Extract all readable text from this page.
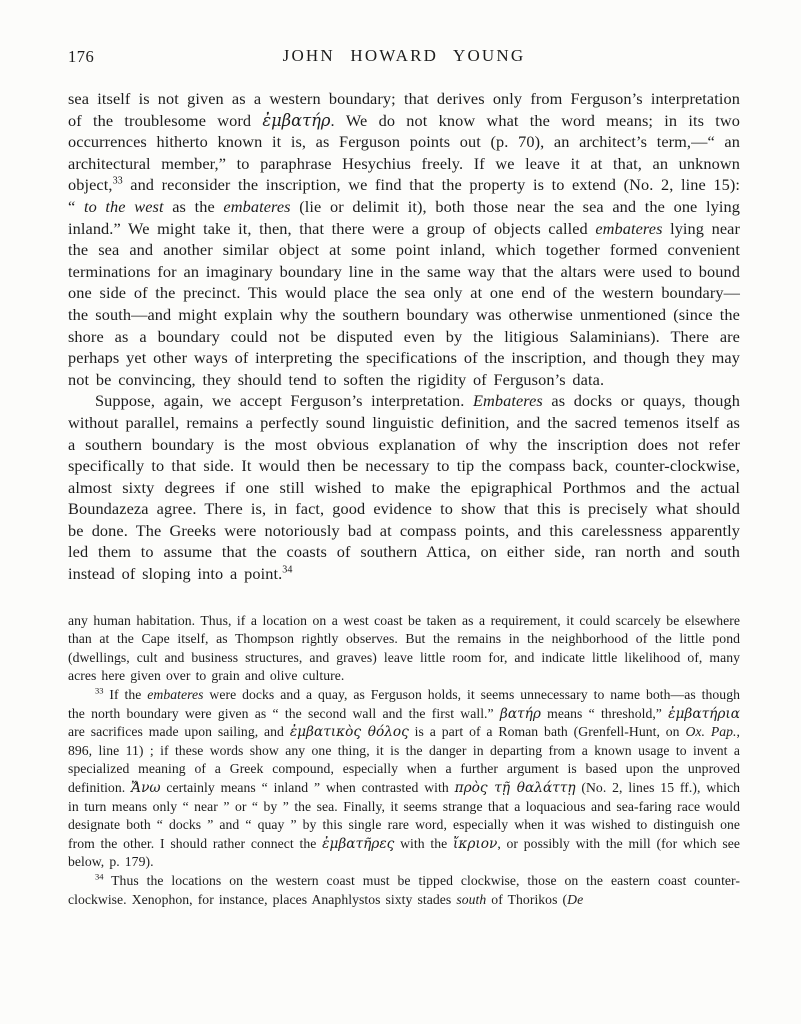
176	JOHN HOWARD YOUNG

sea itself is not given as a western boundary; that derives only from Ferguson’s interpretation of the troublesome word ἐμβατήρ. We do not know what the word means; in its two occurrences hitherto known it is, as Ferguson points out (p. 70), an architect’s term,—“ an architectural member,” to paraphrase Hesychius freely. If we leave it at that, an unknown object,$^{33}$ and reconsider the inscription, we find that the property is to extend (No. 2, line 15): “ to the west as the embateres (lie or delimit it), both those near the sea and the one lying inland.” We might take it, then, that there were a group of objects called embateres lying near the sea and another similar object at some point inland, which together formed convenient terminations for an imaginary boundary line in the same way that the altars were used to bound one side of the precinct. This would place the sea only at one end of the western boundary—the south—and might explain why the southern boundary was otherwise unmentioned (since the shore as a boundary could not be disputed even by the litigious Salaminians). There are perhaps yet other ways of interpreting the specifications of the inscription, and though they may not be convincing, they should tend to soften the rigidity of Ferguson’s data.

Suppose, again, we accept Ferguson’s interpretation. Embateres as docks or quays, though without parallel, remains a perfectly sound linguistic definition, and the sacred temenos itself as a southern boundary is the most obvious explanation of why the inscription does not refer specifically to that side. It would then be necessary to tip the compass back, counter-clockwise, almost sixty degrees if one still wished to make the epigraphical Porthmos and the actual Boundazeza agree. There is, in fact, good evidence to show that this is precisely what should be done. The Greeks were notoriously bad at compass points, and this carelessness apparently led them to assume that the coasts of southern Attica, on either side, ran north and south instead of sloping into a point.$^{34}$

any human habitation. Thus, if a location on a west coast be taken as a requirement, it could scarcely be elsewhere than at the Cape itself, as Thompson rightly observes. But the remains in the neighborhood of the little pond (dwellings, cult and business structures, and graves) leave little room for, and indicate little likelihood of, many acres here given over to grain and olive culture.

$^{33}$ If the embateres were docks and a quay, as Ferguson holds, it seems unnecessary to name both—as though the north boundary were given as “ the second wall and the first wall.” βατήρ means “ threshold,” ἐμβατήρια are sacrifices made upon sailing, and ἐμβατικὸς θόλος is a part of a Roman bath (Grenfell-Hunt, on Ox. Pap., 896, line 11) ; if these words show any one thing, it is the danger in departing from a known usage to invent a specialized meaning of a Greek compound, especially when a further argument is based upon the unproved definition. Ἄνω certainly means “ inland ” when contrasted with πρὸς τῇ θαλάττῃ (No. 2, lines 15 ff.), which in turn means only “ near ” or “ by ” the sea. Finally, it seems strange that a loquacious and sea-faring race would designate both “ docks ” and “ quay ” by this single rare word, especially when it was wished to distinguish one from the other. I should rather connect the ἐμβατῆρες with the ἴκριον, or possibly with the mill (for which see below, p. 179).

$^{34}$ Thus the locations on the western coast must be tipped clockwise, those on the eastern coast counter-clockwise. Xenophon, for instance, places Anaphlystos sixty stades south of Thorikos (De
